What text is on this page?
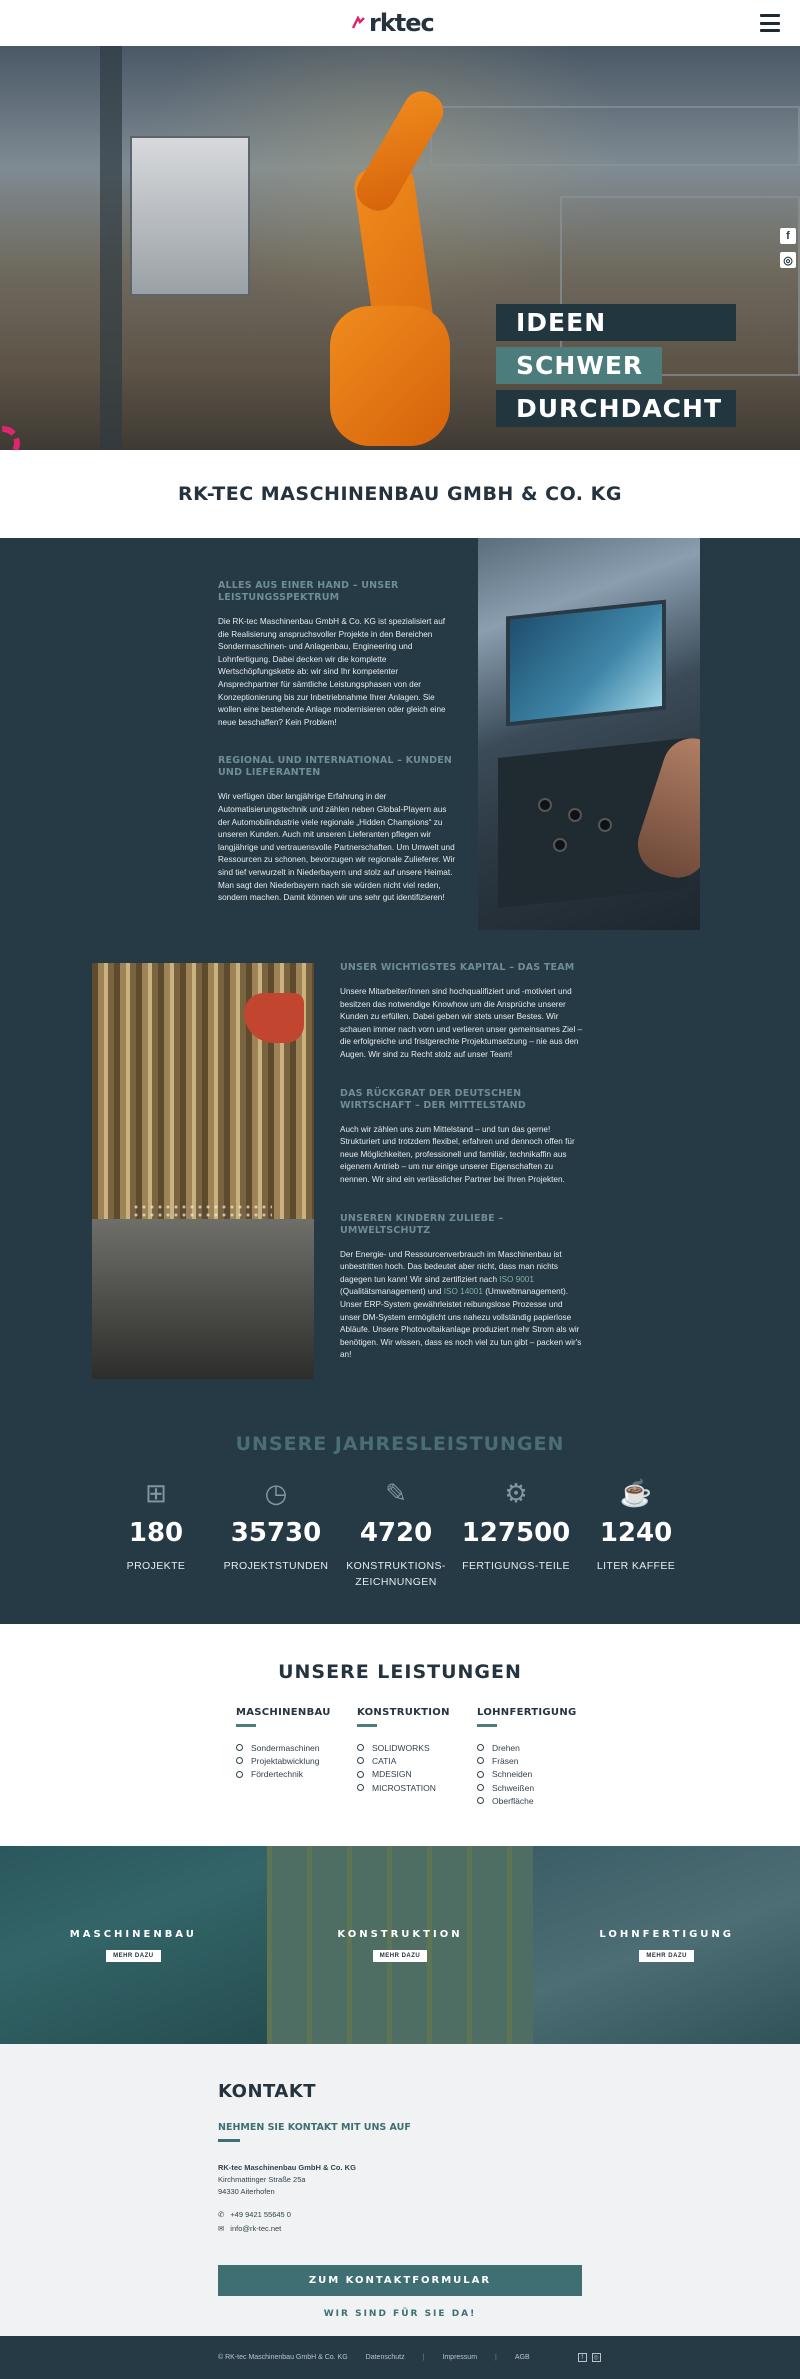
rktec
f
◎
IDEEN
SCHWER
DURCHDACHT
RK-TEC MASCHINENBAU GMBH & CO. KG
ALLES AUS EINER HAND – UNSER LEISTUNGSSPEKTRUM

Die RK-tec Maschinenbau GmbH & Co. KG ist spezialisiert auf die Realisierung anspruchsvoller Projekte in den Bereichen Sondermaschinen- und Anlagenbau, Engineering und Lohnfertigung. Dabei decken wir die komplette Wertschöpfungskette ab: wir sind Ihr kompetenter Ansprechpartner für sämtliche Leistungsphasen von der Konzeptionierung bis zur Inbetriebnahme Ihrer Anlagen. Sie wollen eine bestehende Anlage modernisieren oder gleich eine neue beschaffen? Kein Problem!

REGIONAL UND INTERNATIONAL – KUNDEN UND LIEFERANTEN

Wir verfügen über langjährige Erfahrung in der Automatisierungstechnik und zählen neben Global-Playern aus der Automobilindustrie viele regionale „Hidden Champions“ zu unseren Kunden. Auch mit unseren Lieferanten pflegen wir langjährige und vertrauensvolle Partnerschaften. Um Umwelt und Ressourcen zu schonen, bevorzugen wir regionale Zulieferer. Wir sind tief verwurzelt in Niederbayern und stolz auf unsere Heimat. Man sagt den Niederbayern nach sie würden nicht viel reden, sondern machen. Damit können wir uns sehr gut identifizieren!

UNSER WICHTIGSTES KAPITAL – DAS TEAM

Unsere Mitarbeiter/innen sind hochqualifiziert und -motiviert und besitzen das notwendige Knowhow um die Ansprüche unserer Kunden zu erfüllen. Dabei geben wir stets unser Bestes. Wir schauen immer nach vorn und verlieren unser gemeinsames Ziel – die erfolgreiche und fristgerechte Projektumsetzung – nie aus den Augen. Wir sind zu Recht stolz auf unser Team!

DAS RÜCKGRAT DER DEUTSCHEN WIRTSCHAFT – DER MITTELSTAND

Auch wir zählen uns zum Mittelstand – und tun das gerne! Strukturiert und trotzdem flexibel, erfahren und dennoch offen für neue Möglichkeiten, professionell und familiär, technikaffin aus eigenem Antrieb – um nur einige unserer Eigenschaften zu nennen. Wir sind ein verlässlicher Partner bei Ihren Projekten.

UNSEREN KINDERN ZULIEBE – UMWELTSCHUTZ

Der Energie- und Ressourcenverbrauch im Maschinenbau ist unbestritten hoch. Das bedeutet aber nicht, dass man nichts dagegen tun kann! Wir sind zertifiziert nach ISO 9001 (Qualitätsmanagement) und ISO 14001 (Umweltmanagement). Unser ERP-System gewährleistet reibungslose Prozesse und unser DM-System ermöglicht uns nahezu vollständig papierlose Abläufe. Unsere Photovoltaikanlage produziert mehr Strom als wir benötigen. Wir wissen, dass es noch viel zu tun gibt – packen wir's an!

UNSERE JAHRESLEISTUNGEN
⊞
180
PROJEKTE
◷
35730
PROJEKTSTUNDEN
✎
4720
KONSTRUKTIONS-ZEICHNUNGEN
⚙
127500
FERTIGUNGS-TEILE
☕
1240
LITER KAFFEE
UNSERE LEISTUNGEN
MASCHINENBAU
Sondermaschinen
Projektabwicklung
Fördertechnik
KONSTRUKTION
SOLIDWORKS
CATIA
MDESIGN
MICROSTATION
LOHNFERTIGUNG
Drehen
Fräsen
Schneiden
Schweißen
Oberfläche
MASCHINENBAU
MEHR DAZU
KONSTRUKTION
MEHR DAZU
LOHNFERTIGUNG
MEHR DAZU
KONTAKT
NEHMEN SIE KONTAKT MIT UNS AUF
RK-tec Maschinenbau GmbH & Co. KG
Kirchmattinger Straße 25a
94330 Aiterhofen
✆ +49 9421 55645 0
✉ info@rk-tec.net
ZUM KONTAKTFORMULAR
WIR SIND FÜR SIE DA!
© RK-tec Maschinenbau GmbH & Co. KG	Datenschutz	|	Impressum	|	AGB	f	◎
